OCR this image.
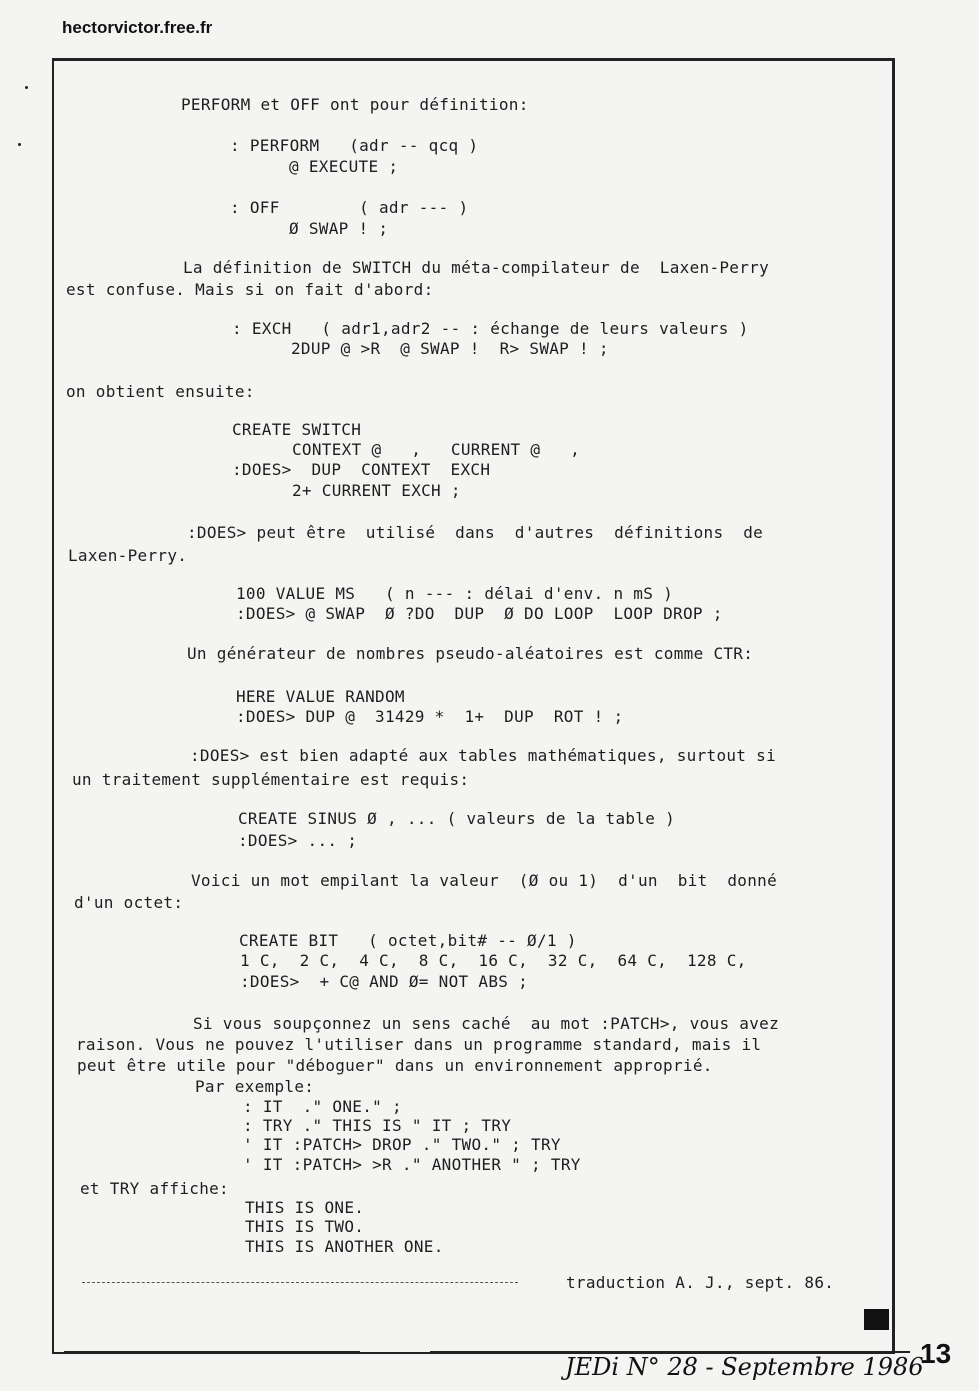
hectorvictor.free.fr
PERFORM et OFF ont pour définition:
: PERFORM   (adr -- qcq )
@ EXECUTE ;
: OFF        ( adr --- )
Ø SWAP ! ;
La définition de SWITCH du méta-compilateur de  Laxen-Perry
est confuse. Mais si on fait d'abord:
: EXCH   ( adr1,adr2 -- : échange de leurs valeurs )
2DUP @ >R  @ SWAP !  R> SWAP ! ;
on obtient ensuite:
CREATE SWITCH
CONTEXT @   ,   CURRENT @   ,
:DOES>  DUP  CONTEXT  EXCH
2+ CURRENT EXCH ;
:DOES> peut être  utilisé  dans  d'autres  définitions  de
Laxen-Perry.
100 VALUE MS   ( n --- : délai d'env. n mS )
:DOES> @ SWAP  Ø ?DO  DUP  Ø DO LOOP  LOOP DROP ;
Un générateur de nombres pseudo-aléatoires est comme CTR:
HERE VALUE RANDOM
:DOES> DUP @  31429 *  1+  DUP  ROT ! ;
:DOES> est bien adapté aux tables mathématiques, surtout si
un traitement supplémentaire est requis:
CREATE SINUS Ø , ... ( valeurs de la table )
:DOES> ... ;
Voici un mot empilant la valeur  (Ø ou 1)  d'un  bit  donné
d'un octet:
CREATE BIT   ( octet,bit# -- Ø/1 )
1 C,  2 C,  4 C,  8 C,  16 C,  32 C,  64 C,  128 C,
:DOES>  + C@ AND Ø= NOT ABS ;
Si vous soupçonnez un sens caché  au mot :PATCH>, vous avez
raison. Vous ne pouvez l'utiliser dans un programme standard, mais il
peut être utile pour "déboguer" dans un environnement approprié.
Par exemple:
: IT  ." ONE." ;
: TRY ." THIS IS " IT ; TRY
' IT :PATCH> DROP ." TWO." ; TRY
' IT :PATCH> >R ." ANOTHER " ; TRY
et TRY affiche:
THIS IS ONE.
THIS IS TWO.
THIS IS ANOTHER ONE.
traduction A. J., sept. 86.
JEDi N° 28 - Septembre 1986
13
